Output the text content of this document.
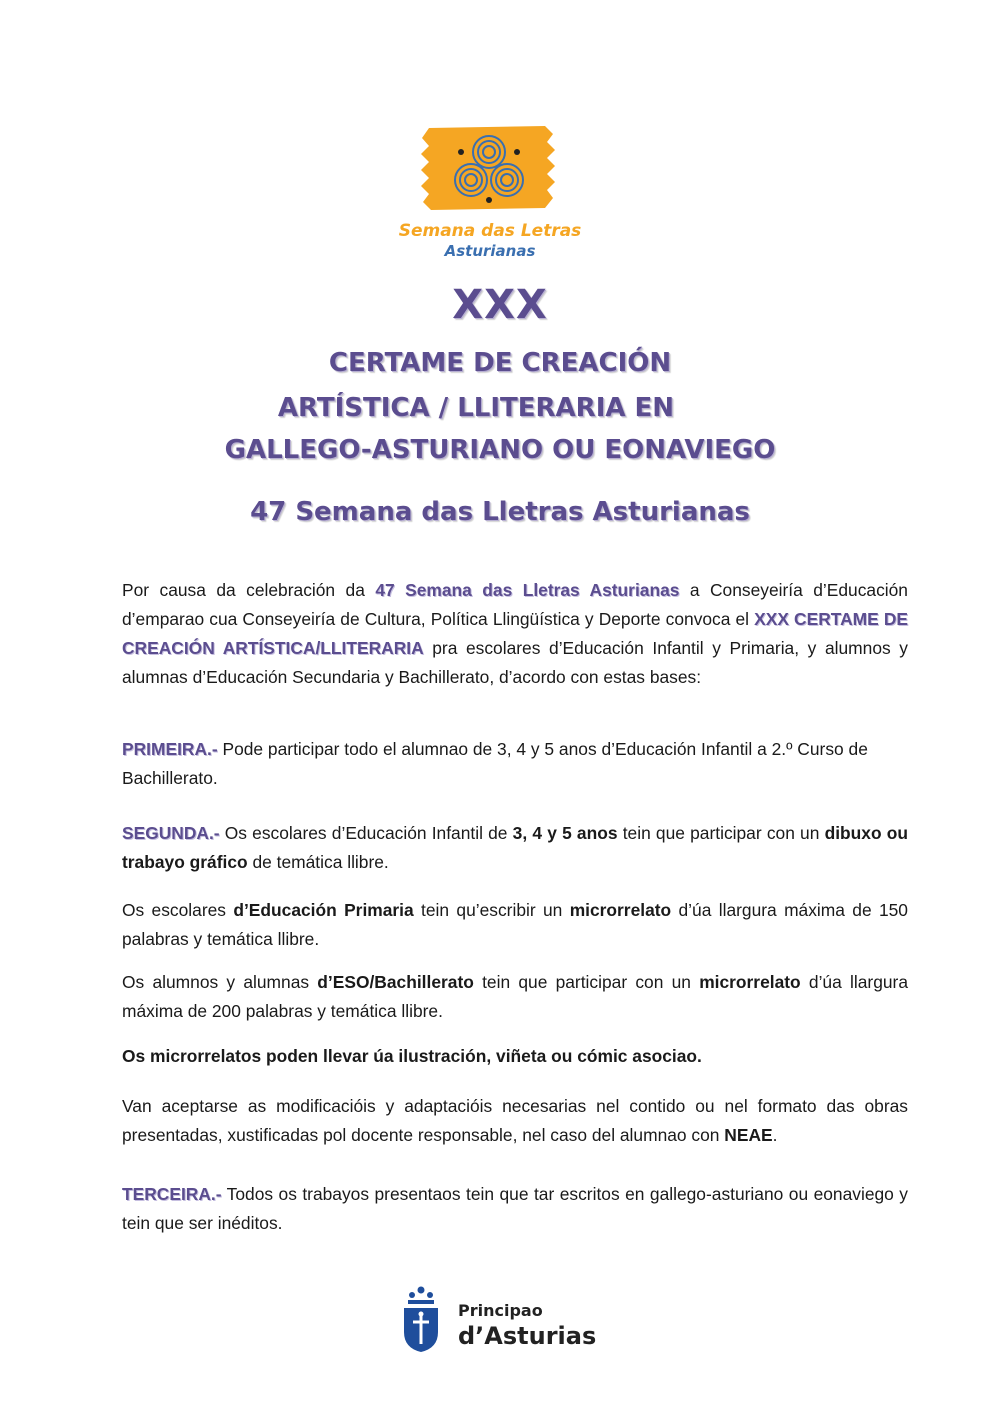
Semana das Letras
Asturianas
XXX
CERTAME DE CREACIÓN
ARTÍSTICA / LLITERARIA EN
GALLEGO-ASTURIANO OU EONAVIEGO
47 Semana das Lletras Asturianas

Por causa da celebración da 47 Semana das Lletras Asturianas a Conseyeiría d’Educación d’emparao cua Conseyeiría de Cultura, Política Llingüística y Deporte convoca el XXX CERTAME DE CREACIÓN ARTÍSTICA/LLITERARIA pra escolares d’Educación Infantil y Primaria, y alumnos y alumnas d’Educación Secundaria y Bachillerato, d’acordo con estas bases:

PRIMEIRA.- Pode participar todo el alumnao de 3, 4 y 5 anos d’Educación Infantil a 2.º Curso de Bachillerato.

SEGUNDA.- Os escolares d’Educación Infantil de 3, 4 y 5 anos tein que participar con un dibuxo ou trabayo gráfico de temática llibre.

Os escolares d’Educación Primaria tein qu’escribir un microrrelato d’úa llargura máxima de 150 palabras y temática llibre.

Os alumnos y alumnas d’ESO/Bachillerato tein que participar con un microrrelato d’úa llargura máxima de 200 palabras y temática llibre.

Os microrrelatos poden llevar úa ilustración, viñeta ou cómic asociao.

Van aceptarse as modificacióis y adaptacióis necesarias nel contido ou nel formato das obras presentadas, xustificadas pol docente responsable, nel caso del alumnao con NEAE.

TERCEIRA.- Todos os trabayos presentaos tein que tar escritos en gallego-asturiano ou eonaviego y tein que ser inéditos.

Principao
d’Asturias
